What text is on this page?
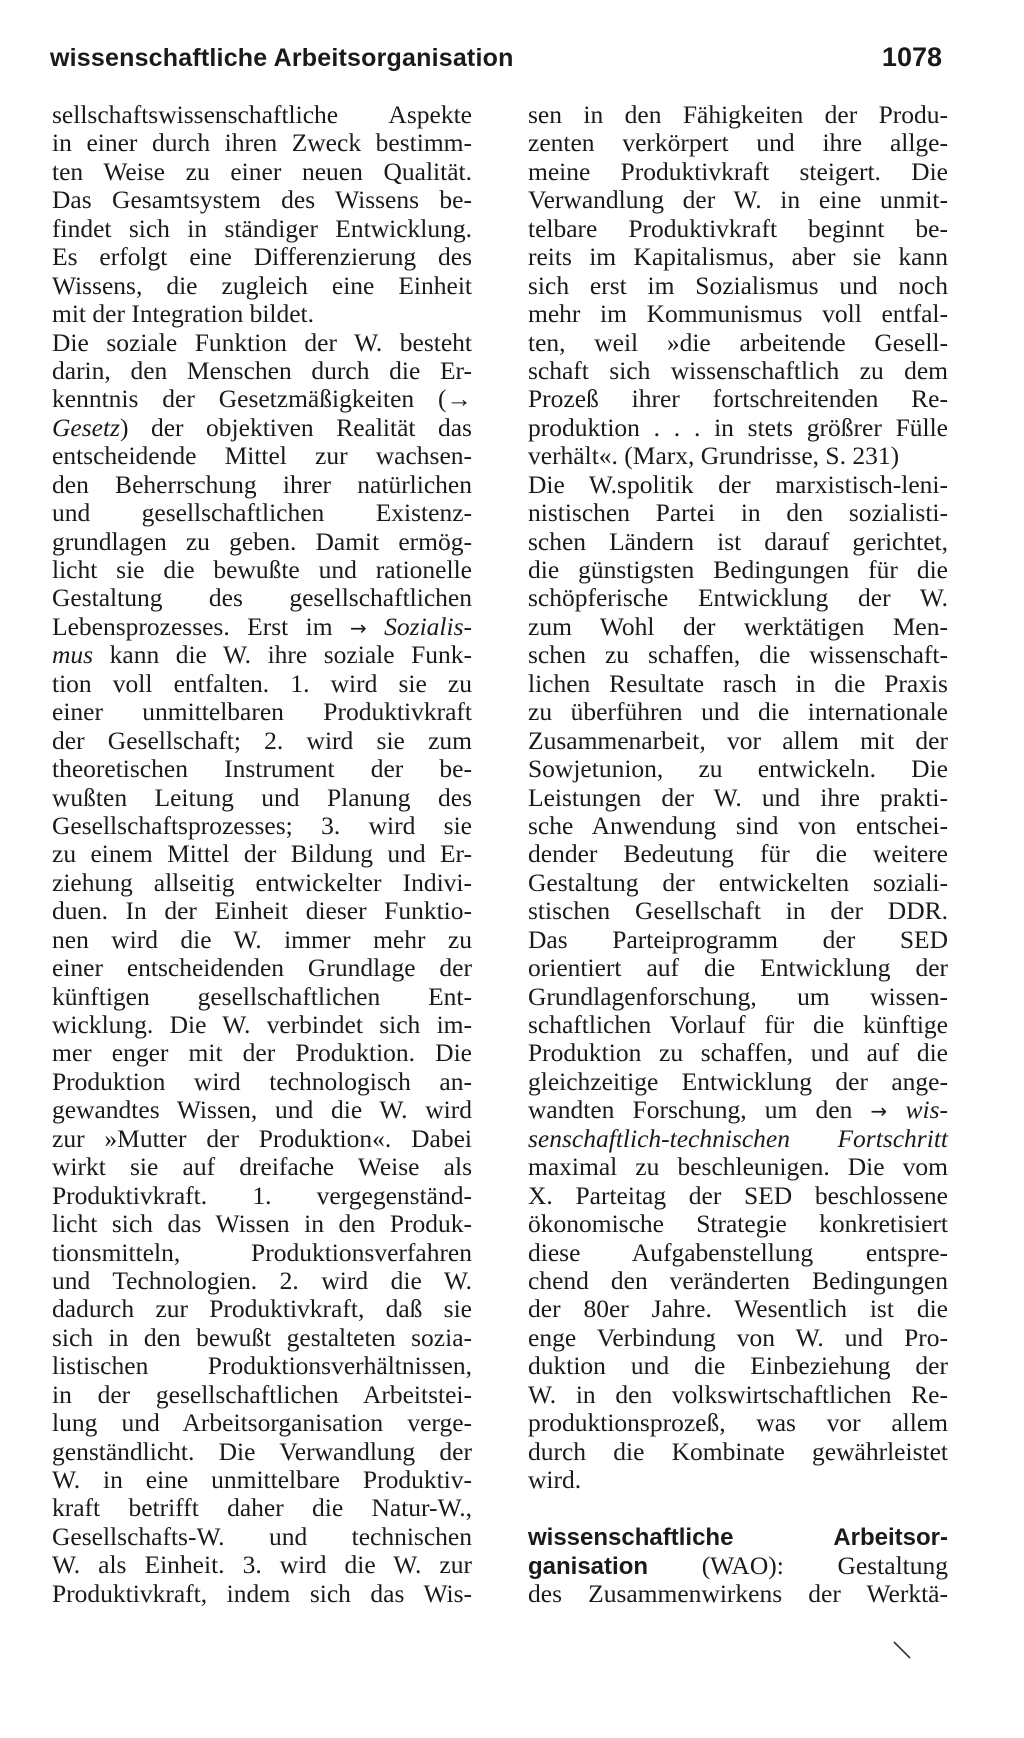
wissenschaftliche Arbeitsorganisation	1078
sellschaftswissenschaftliche Aspekte
in einer durch ihren Zweck bestimm-
ten Weise zu einer neuen Qualität.
Das Gesamtsystem des Wissens be-
findet sich in ständiger Entwicklung.
Es erfolgt eine Differenzierung des
Wissens, die zugleich eine Einheit
mit der Integration bildet.
Die soziale Funktion der W. besteht
darin, den Menschen durch die Er-
kenntnis der Gesetzmäßigkeiten (→
Gesetz) der objektiven Realität das
entscheidende Mittel zur wachsen-
den Beherrschung ihrer natürlichen
und gesellschaftlichen Existenz-
grundlagen zu geben. Damit ermög-
licht sie die bewußte und rationelle
Gestaltung des gesellschaftlichen
Lebensprozesses. Erst im → Sozialis-
mus kann die W. ihre soziale Funk-
tion voll entfalten. 1. wird sie zu
einer unmittelbaren Produktivkraft
der Gesellschaft; 2. wird sie zum
theoretischen Instrument der be-
wußten Leitung und Planung des
Gesellschaftsprozesses; 3. wird sie
zu einem Mittel der Bildung und Er-
ziehung allseitig entwickelter Indivi-
duen. In der Einheit dieser Funktio-
nen wird die W. immer mehr zu
einer entscheidenden Grundlage der
künftigen gesellschaftlichen Ent-
wicklung. Die W. verbindet sich im-
mer enger mit der Produktion. Die
Produktion wird technologisch an-
gewandtes Wissen, und die W. wird
zur »Mutter der Produktion«. Dabei
wirkt sie auf dreifache Weise als
Produktivkraft. 1. vergegenständ-
licht sich das Wissen in den Produk-
tionsmitteln, Produktionsverfahren
und Technologien. 2. wird die W.
dadurch zur Produktivkraft, daß sie
sich in den bewußt gestalteten sozia-
listischen Produktionsverhältnissen,
in der gesellschaftlichen Arbeitstei-
lung und Arbeitsorganisation verge-
genständlicht. Die Verwandlung der
W. in eine unmittelbare Produktiv-
kraft betrifft daher die Natur-W.,
Gesellschafts-W. und technischen
W. als Einheit. 3. wird die W. zur
Produktivkraft, indem sich das Wis-
sen in den Fähigkeiten der Produ-
zenten verkörpert und ihre allge-
meine Produktivkraft steigert. Die
Verwandlung der W. in eine unmit-
telbare Produktivkraft beginnt be-
reits im Kapitalismus, aber sie kann
sich erst im Sozialismus und noch
mehr im Kommunismus voll entfal-
ten, weil »die arbeitende Gesell-
schaft sich wissenschaftlich zu dem
Prozeß ihrer fortschreitenden Re-
produktion . . . in stets größrer Fülle
verhält«. (Marx, Grundrisse, S. 231)
Die W.spolitik der marxistisch-leni-
nistischen Partei in den sozialisti-
schen Ländern ist darauf gerichtet,
die günstigsten Bedingungen für die
schöpferische Entwicklung der W.
zum Wohl der werktätigen Men-
schen zu schaffen, die wissenschaft-
lichen Resultate rasch in die Praxis
zu überführen und die internationale
Zusammenarbeit, vor allem mit der
Sowjetunion, zu entwickeln. Die
Leistungen der W. und ihre prakti-
sche Anwendung sind von entschei-
dender Bedeutung für die weitere
Gestaltung der entwickelten soziali-
stischen Gesellschaft in der DDR.
Das Parteiprogramm der SED
orientiert auf die Entwicklung der
Grundlagenforschung, um wissen-
schaftlichen Vorlauf für die künftige
Produktion zu schaffen, und auf die
gleichzeitige Entwicklung der ange-
wandten Forschung, um den → wis-
senschaftlich-technischen Fortschritt
maximal zu beschleunigen. Die vom
X. Parteitag der SED beschlossene
ökonomische Strategie konkretisiert
diese Aufgabenstellung entspre-
chend den veränderten Bedingungen
der 80er Jahre. Wesentlich ist die
enge Verbindung von W. und Pro-
duktion und die Einbeziehung der
W. in den volkswirtschaftlichen Re-
produktionsprozeß, was vor allem
durch die Kombinate gewährleistet
wird.
wissenschaftliche Arbeitsor-
ganisation (WAO): Gestaltung
des Zusammenwirkens der Werktä-
